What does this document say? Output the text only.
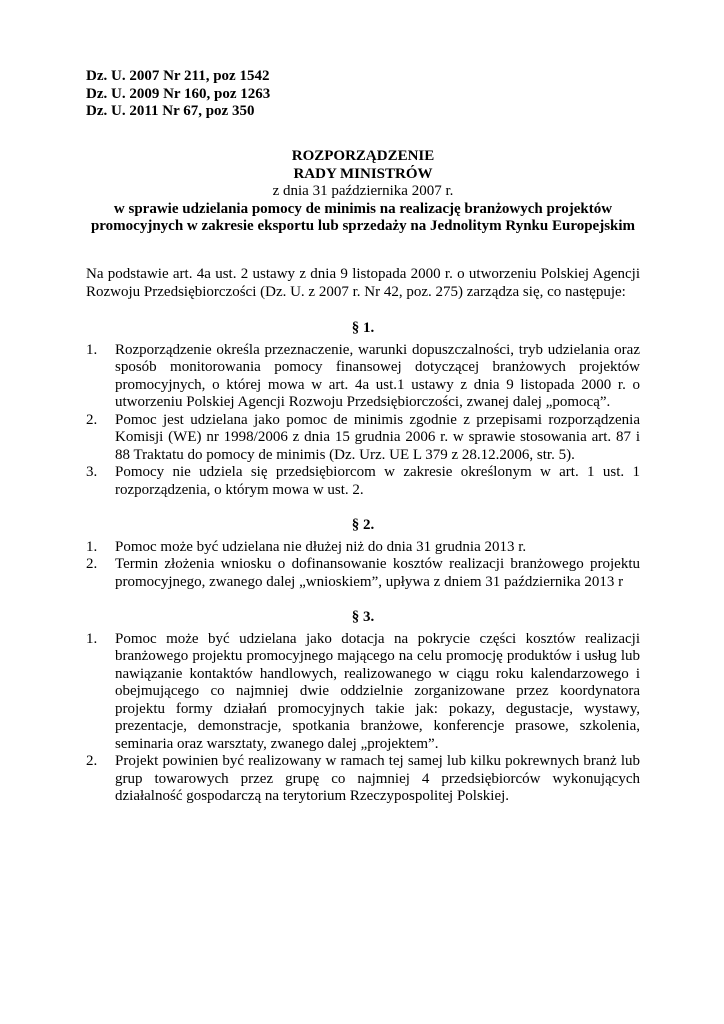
Dz. U. 2007 Nr 211, poz 1542
Dz. U. 2009 Nr 160, poz 1263
Dz. U. 2011 Nr 67, poz 350
ROZPORZĄDZENIE
RADY MINISTRÓW
z dnia 31 października 2007 r.
w sprawie udzielania pomocy de minimis na realizację branżowych projektów
promocyjnych w zakresie eksportu lub sprzedaży na Jednolitym Rynku Europejskim
Na podstawie art. 4a ust. 2 ustawy z dnia 9 listopada 2000 r. o utworzeniu Polskiej Agencji Rozwoju Przedsiębiorczości (Dz. U. z 2007 r. Nr 42, poz. 275) zarządza się, co następuje:
§ 1.
1.	Rozporządzenie określa przeznaczenie, warunki dopuszczalności, tryb udzielania oraz sposób monitorowania pomocy finansowej dotyczącej branżowych projektów promocyjnych, o której mowa w art. 4a ust.1 ustawy z dnia 9 listopada 2000 r. o utworzeniu Polskiej Agencji Rozwoju Przedsiębiorczości, zwanej dalej „pomocą”.
2.	Pomoc jest udzielana jako pomoc de minimis zgodnie z przepisami rozporządzenia Komisji (WE) nr 1998/2006 z dnia 15 grudnia 2006 r. w sprawie stosowania art. 87 i 88 Traktatu do pomocy de minimis (Dz. Urz. UE L 379 z 28.12.2006, str. 5).
3.	Pomocy nie udziela się przedsiębiorcom w zakresie określonym w art. 1 ust. 1 rozporządzenia, o którym mowa w ust. 2.
§ 2.
1.	Pomoc może być udzielana nie dłużej niż do dnia 31 grudnia 2013 r.
2.	Termin złożenia wniosku o dofinansowanie kosztów realizacji branżowego projektu promocyjnego, zwanego dalej „wnioskiem”, upływa z dniem 31 października 2013 r
§ 3.
1.	Pomoc może być udzielana jako dotacja na pokrycie części kosztów realizacji branżowego projektu promocyjnego mającego na celu promocję produktów i usług lub nawiązanie kontaktów handlowych, realizowanego w ciągu roku kalendarzowego i obejmującego co najmniej dwie oddzielnie zorganizowane przez koordynatora projektu formy działań promocyjnych takie jak: pokazy, degustacje, wystawy, prezentacje, demonstracje, spotkania branżowe, konferencje prasowe, szkolenia, seminaria oraz warsztaty, zwanego dalej „projektem”.
2.	Projekt powinien być realizowany w ramach tej samej lub kilku pokrewnych branż lub grup towarowych przez grupę co najmniej 4 przedsiębiorców wykonujących działalność gospodarczą na terytorium Rzeczypospolitej Polskiej.
